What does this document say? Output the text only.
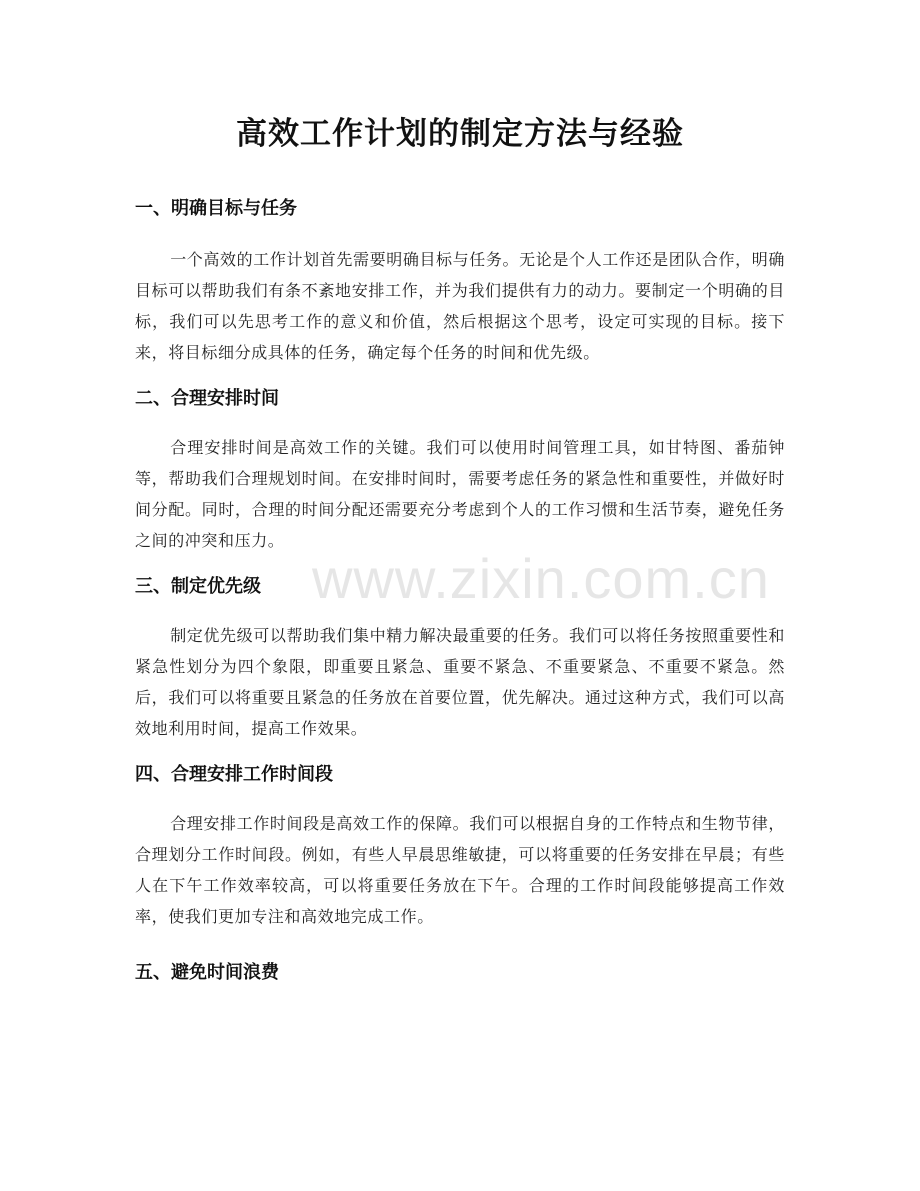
高效工作计划的制定方法与经验
一、明确目标与任务

一个高效的工作计划首先需要明确目标与任务。无论是个人工作还是团队合作，明确目标可以帮助我们有条不紊地安排工作，并为我们提供有力的动力。要制定一个明确的目标，我们可以先思考工作的意义和价值，然后根据这个思考，设定可实现的目标。接下来，将目标细分成具体的任务，确定每个任务的时间和优先级。

二、合理安排时间

合理安排时间是高效工作的关键。我们可以使用时间管理工具，如甘特图、番茄钟等，帮助我们合理规划时间。在安排时间时，需要考虑任务的紧急性和重要性，并做好时间分配。同时，合理的时间分配还需要充分考虑到个人的工作习惯和生活节奏，避免任务之间的冲突和压力。

三、制定优先级

制定优先级可以帮助我们集中精力解决最重要的任务。我们可以将任务按照重要性和紧急性划分为四个象限，即重要且紧急、重要不紧急、不重要紧急、不重要不紧急。然后，我们可以将重要且紧急的任务放在首要位置，优先解决。通过这种方式，我们可以高效地利用时间，提高工作效果。

四、合理安排工作时间段

合理安排工作时间段是高效工作的保障。我们可以根据自身的工作特点和生物节律，合理划分工作时间段。例如，有些人早晨思维敏捷，可以将重要的任务安排在早晨；有些人在下午工作效率较高，可以将重要任务放在下午。合理的工作时间段能够提高工作效率，使我们更加专注和高效地完成工作。

五、避免时间浪费
www.zixin.com.cn
